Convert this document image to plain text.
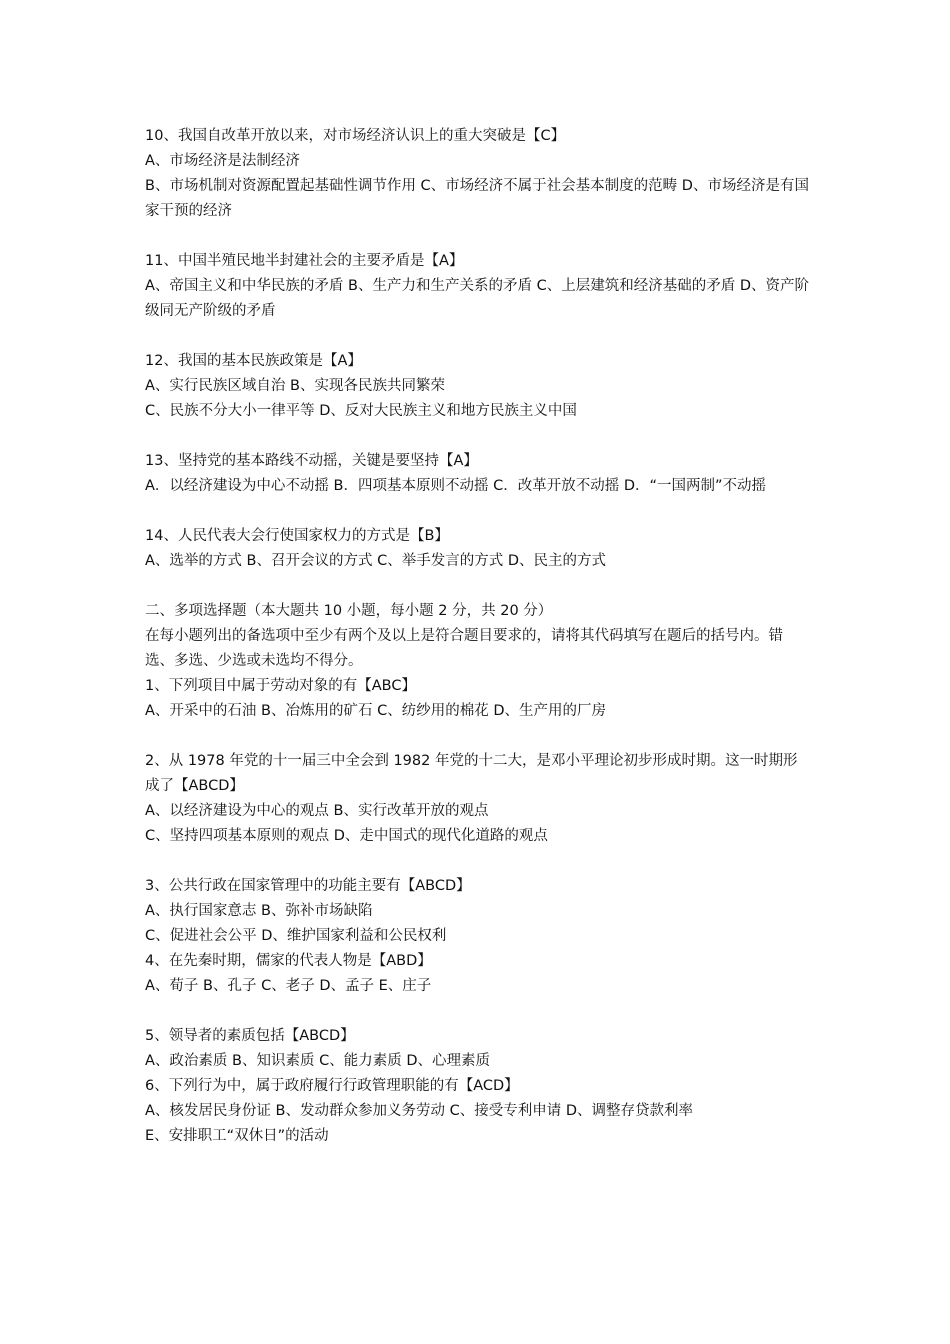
10、我国自改革开放以来，对市场经济认识上的重大突破是【C】

A、市场经济是法制经济

B、市场机制对资源配置起基础性调节作用 C、市场经济不属于社会基本制度的范畴 D、市场经济是有国家干预的经济

11、中国半殖民地半封建社会的主要矛盾是【A】

A、帝国主义和中华民族的矛盾 B、生产力和生产关系的矛盾 C、上层建筑和经济基础的矛盾 D、资产阶级同无产阶级的矛盾

12、我国的基本民族政策是【A】

A、实行民族区域自治 B、实现各民族共同繁荣

C、民族不分大小一律平等 D、反对大民族主义和地方民族主义中国

13、坚持党的基本路线不动摇，关键是要坚持【A】

A．以经济建设为中心不动摇 B．四项基本原则不动摇 C．改革开放不动摇 D．“一国两制”不动摇

14、人民代表大会行使国家权力的方式是【B】

A、选举的方式 B、召开会议的方式 C、举手发言的方式 D、民主的方式

二、多项选择题（本大题共 10 小题，每小题 2 分，共 20 分）

在每小题列出的备选项中至少有两个及以上是符合题目要求的，请将其代码填写在题后的括号内。错选、多选、少选或未选均不得分。

1、下列项目中属于劳动对象的有【ABC】

A、开采中的石油 B、冶炼用的矿石 C、纺纱用的棉花 D、生产用的厂房

2、从 1978 年党的十一届三中全会到 1982 年党的十二大，是邓小平理论初步形成时期。这一时期形成了【ABCD】

A、以经济建设为中心的观点 B、实行改革开放的观点

C、坚持四项基本原则的观点 D、走中国式的现代化道路的观点

3、公共行政在国家管理中的功能主要有【ABCD】

A、执行国家意志 B、弥补市场缺陷

C、促进社会公平 D、维护国家利益和公民权利

4、在先秦时期，儒家的代表人物是【ABD】

A、荀子 B、孔子 C、老子 D、孟子 E、庄子

5、领导者的素质包括【ABCD】

A、政治素质 B、知识素质 C、能力素质 D、心理素质

6、下列行为中，属于政府履行行政管理职能的有【ACD】

A、核发居民身份证 B、发动群众参加义务劳动 C、接受专利申请 D、调整存贷款利率

E、安排职工“双休日”的活动
